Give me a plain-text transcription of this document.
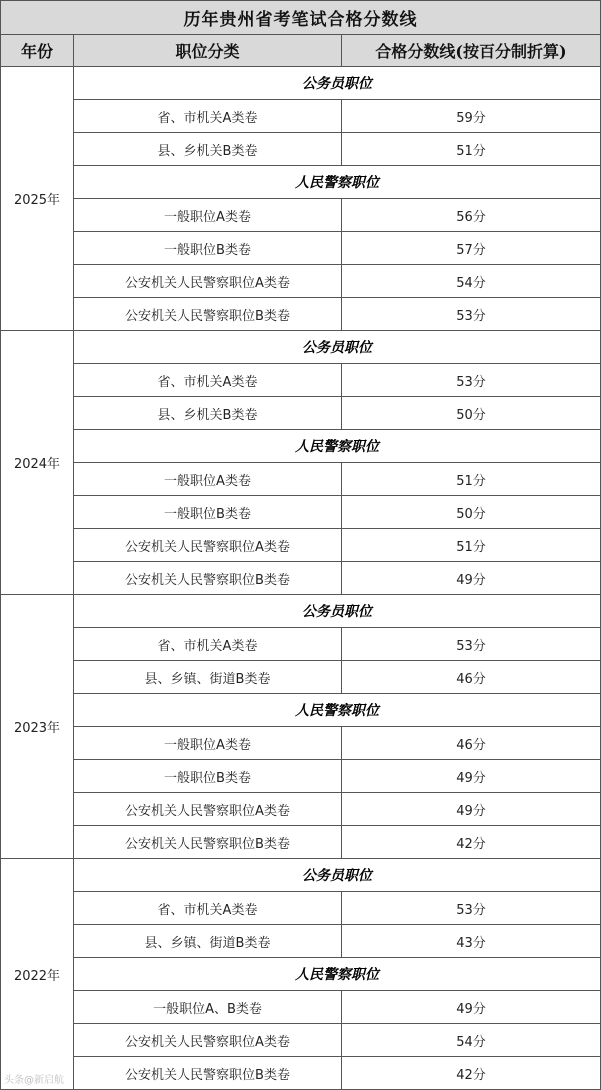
历年贵州省考笔试合格分数线		
年份	职位分类	合格分数线(按百分制折算)
2025年	公务员职位	
	省、市机关A类卷	59分
	县、乡机关B类卷	51分
	人民警察职位	
	一般职位A类卷	56分
	一般职位B类卷	57分
	公安机关人民警察职位A类卷	54分
	公安机关人民警察职位B类卷	53分
2024年	公务员职位	
	省、市机关A类卷	53分
	县、乡机关B类卷	50分
	人民警察职位	
	一般职位A类卷	51分
	一般职位B类卷	50分
	公安机关人民警察职位A类卷	51分
	公安机关人民警察职位B类卷	49分
2023年	公务员职位	
	省、市机关A类卷	53分
	县、乡镇、街道B类卷	46分
	人民警察职位	
	一般职位A类卷	46分
	一般职位B类卷	49分
	公安机关人民警察职位A类卷	49分
	公安机关人民警察职位B类卷	42分
2022年	公务员职位	
	省、市机关A类卷	53分
	县、乡镇、街道B类卷	43分
	人民警察职位	
	一般职位A、B类卷	49分
	公安机关人民警察职位A类卷	54分
	公安机关人民警察职位B类卷	42分
头条@新启航
